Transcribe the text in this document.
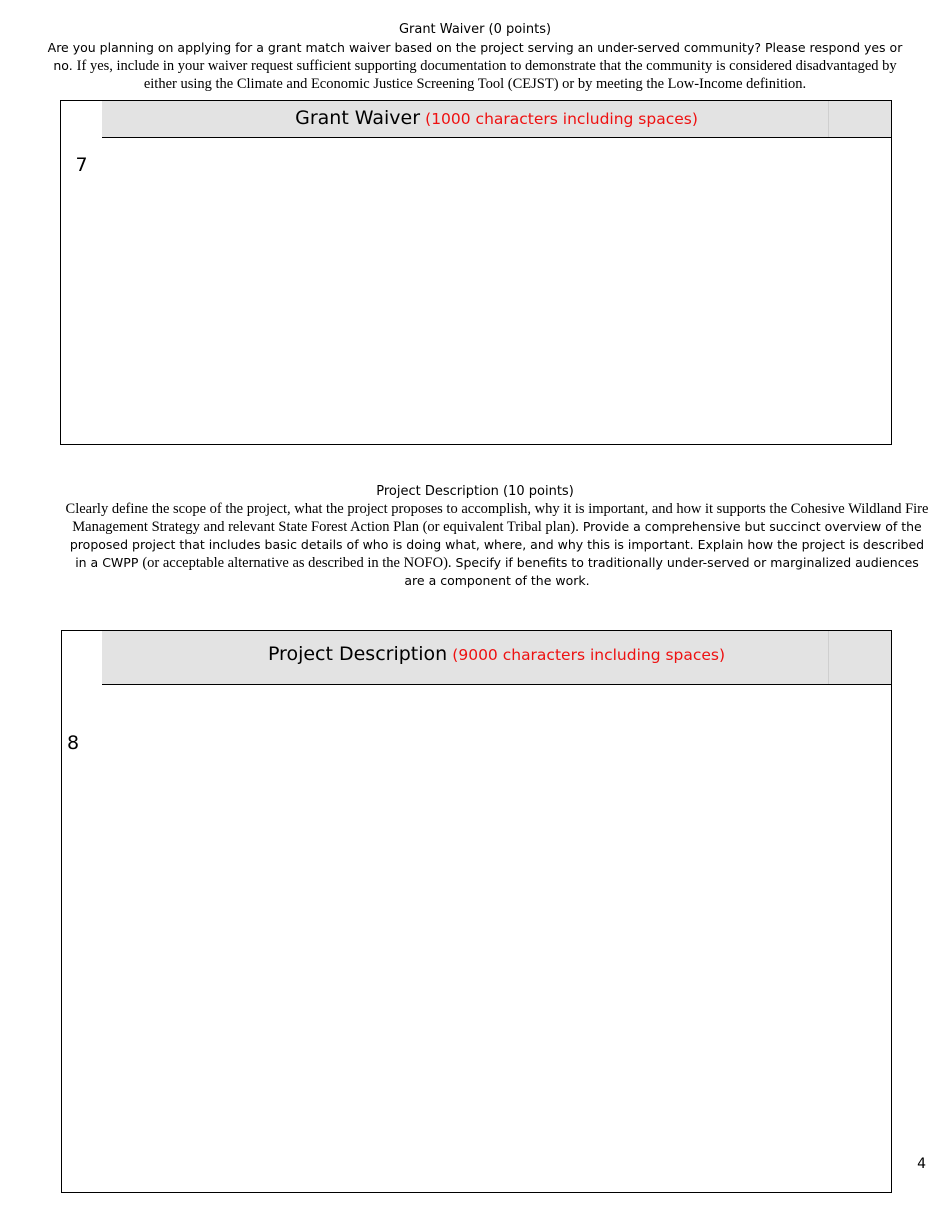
Grant Waiver (0 points)
Are you planning on applying for a grant match waiver based on the project serving an under-served community? Please respond yes or no. If yes, include in your waiver request sufficient supporting documentation to demonstrate that the community is considered disadvantaged by either using the Climate and Economic Justice Screening Tool (CEJST) or by meeting the Low-Income definition.
7
Grant Waiver (1000 characters including spaces)
Project Description (10 points)
Clearly define the scope of the project, what the project proposes to accomplish, why it is important, and how it supports the Cohesive Wildland Fire Management Strategy and relevant State Forest Action Plan (or equivalent Tribal plan). Provide a comprehensive but succinct overview of the proposed project that includes basic details of who is doing what, where, and why this is important. Explain how the project is described in a CWPP (or acceptable alternative as described in the NOFO). Specify if benefits to traditionally under-served or marginalized audiences are a component of the work.
8
Project Description (9000 characters including spaces)
4
